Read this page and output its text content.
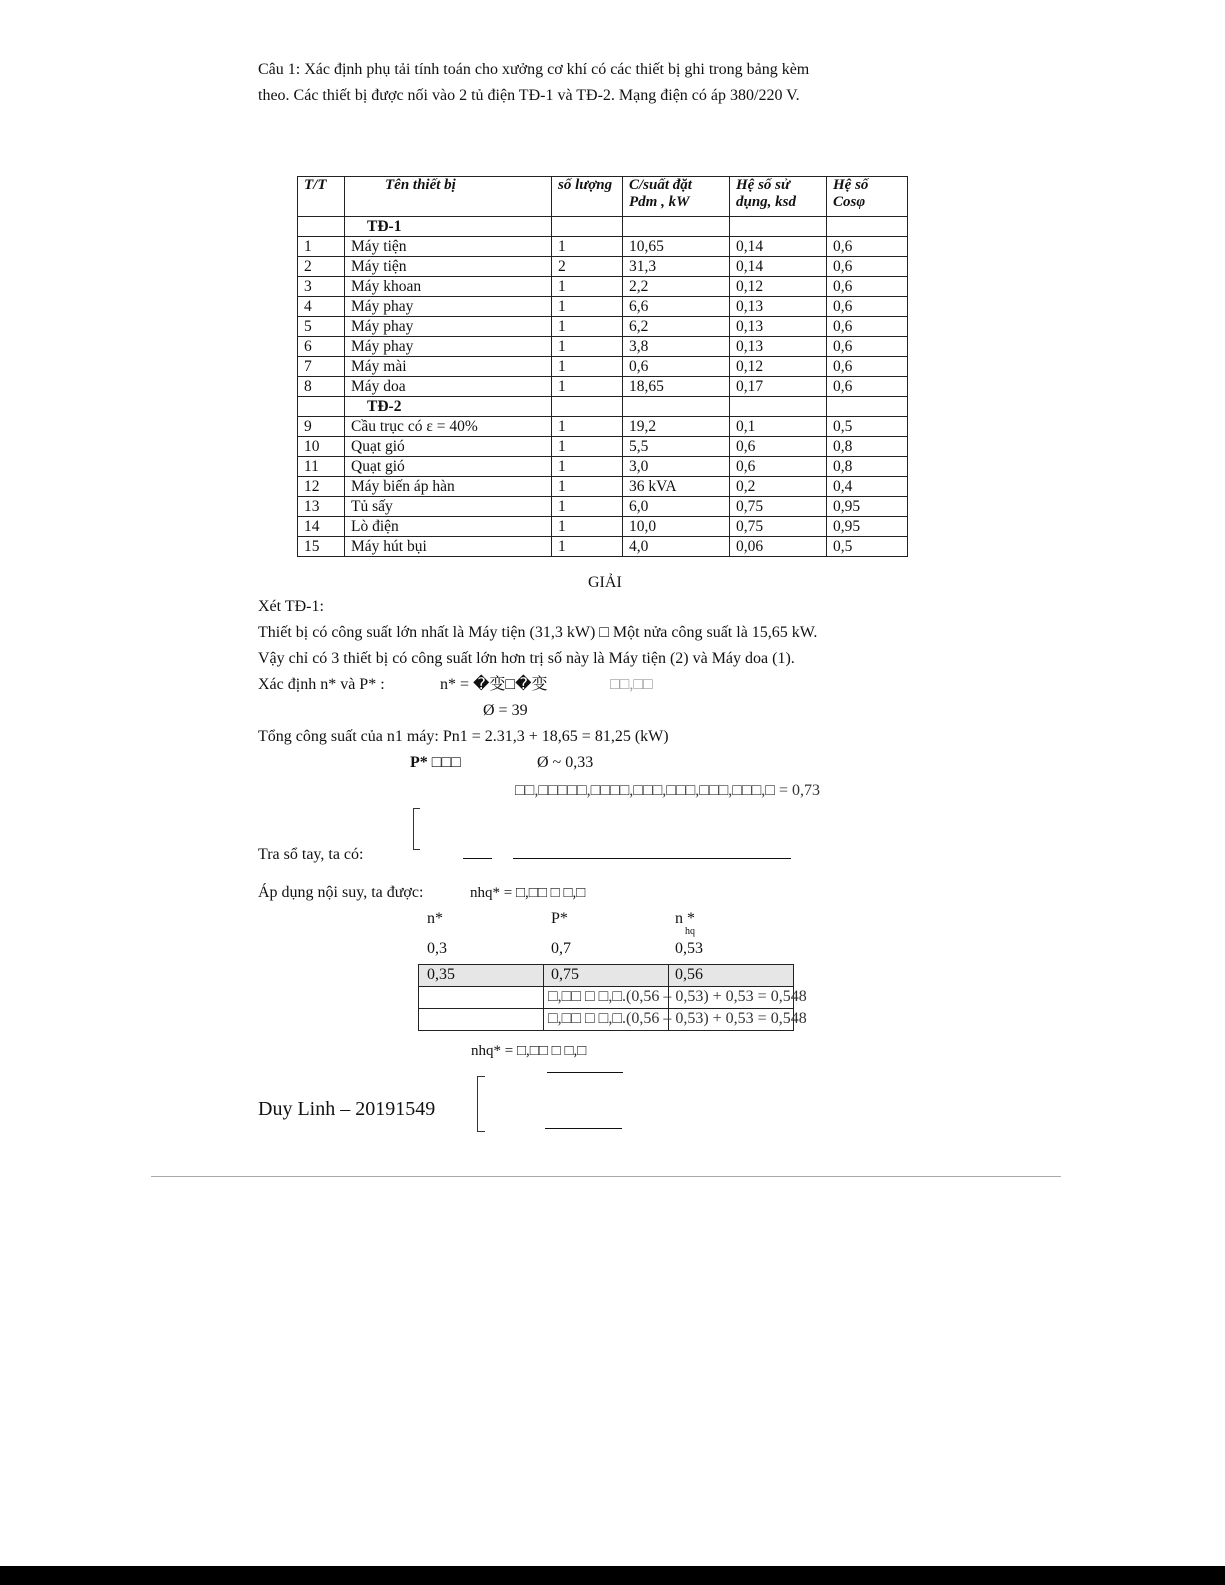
Câu 1: Xác định phụ tải tính toán cho xưởng cơ khí có các thiết bị ghi trong bảng kèm
theo. Các thiết bị được nối vào 2 tủ điện TĐ-1 và TĐ-2. Mạng điện có áp 380/220 V.
T/T	Tên thiết bị	số lượng	C/suất đặt Pdm , kW	Hệ số sử dụng, ksd	Hệ số Cosφ
	TĐ-1				
1	Máy tiện	1	10,65	0,14	0,6
2	Máy tiện	2	31,3	0,14	0,6
3	Máy khoan	1	2,2	0,12	0,6
4	Máy phay	1	6,6	0,13	0,6
5	Máy phay	1	6,2	0,13	0,6
6	Máy phay	1	3,8	0,13	0,6
7	Máy mài	1	0,6	0,12	0,6
8	Máy doa	1	18,65	0,17	0,6
	TĐ-2				
9	Cầu trục có ε = 40%	1	19,2	0,1	0,5
10	Quạt gió	1	5,5	0,6	0,8
11	Quạt gió	1	3,0	0,6	0,8
12	Máy biến áp hàn	1	36 kVA	0,2	0,4
13	Tủ sấy	1	6,0	0,75	0,95
14	Lò điện	1	10,0	0,75	0,95
15	Máy hút bụi	1	4,0	0,06	0,5
GIẢI
Xét TĐ-1:
Thiết bị có công suất lớn nhất là Máy tiện (31,3 kW) □ Một nửa công suất là 15,65 kW.
Vậy chỉ có 3 thiết bị có công suất lớn hơn trị số này là Máy tiện (2) và Máy doa (1).
Xác định n* và P* :	n* = �变□�变	□□,□□
Ø = 39
Tổng công suất của n1 máy: Pn1 = 2.31,3 + 18,65 = 81,25 (kW)
P* □□□	Ø ~ 0,33
□□,□□□□□,□□□□,□□□,□□□,□□□,□□□,□ = 0,73
Tra sổ tay, ta có:
Áp dụng nội suy, ta được:	nhq* = □,□□ □ □,□
n*	P*	n *
hq
0,3	0,7	0,53

0,35	0,75	0,56
□,□□ □ □,□.(0,56 – 0,53) + 0,53 = 0,548
□,□□ □ □,□.(0,56 – 0,53) + 0,53 = 0,548
nhq* = □,□□ □ □,□
Duy Linh – 20191549
